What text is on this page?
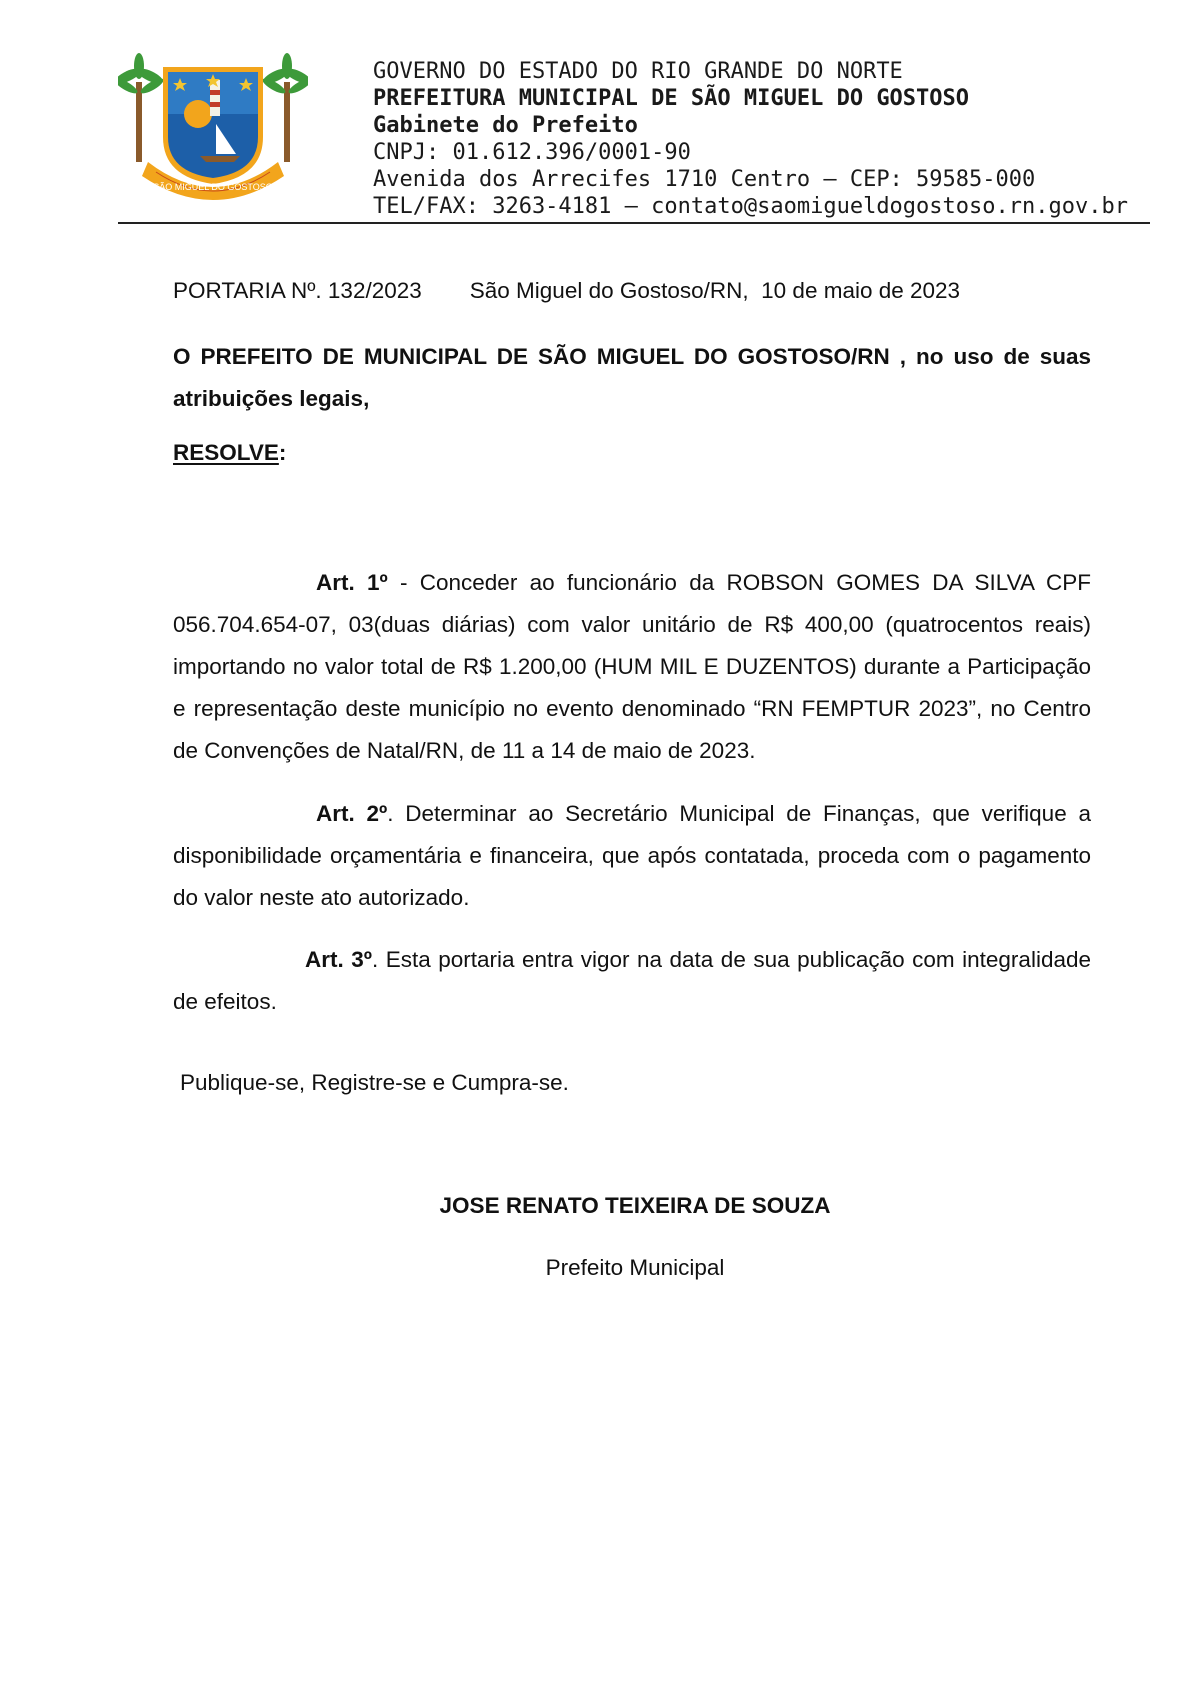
SÃO MIGUEL DO GOSTOSO
GOVERNO DO ESTADO DO RIO GRANDE DO NORTE
PREFEITURA MUNICIPAL DE SÃO MIGUEL DO GOSTOSO
Gabinete do Prefeito
CNPJ: 01.612.396/0001-90
Avenida dos Arrecifes 1710 Centro – CEP: 59585-000
TEL/FAX: 3263-4181 – contato@saomigueldogostoso.rn.gov.br
PORTARIA Nº. 132/2023 São Miguel do Gostoso/RN,  10 de maio de 2023
O PREFEITO DE MUNICIPAL DE SÃO MIGUEL DO GOSTOSO/RN , no uso de suas atribuições legais,
RESOLVE:
Art. 1º - Conceder ao funcionário da ROBSON GOMES DA SILVA CPF 056.704.654-07, 03(duas diárias) com valor unitário de R$ 400,00 (quatrocentos reais) importando no valor total de R$ 1.200,00 (HUM MIL E DUZENTOS) durante a Participação e representação deste município no evento denominado “RN FEMPTUR 2023”, no Centro de Convenções de Natal/RN, de 11 a 14 de maio de 2023.
Art. 2º. Determinar ao Secretário Municipal de Finanças, que verifique a disponibilidade orçamentária e financeira, que após contatada, proceda com o pagamento do valor neste ato autorizado.
Art. 3º. Esta portaria entra vigor na data de sua publicação com integralidade de efeitos.
Publique-se, Registre-se e Cumpra-se.
JOSE RENATO TEIXEIRA DE SOUZA
Prefeito Municipal
